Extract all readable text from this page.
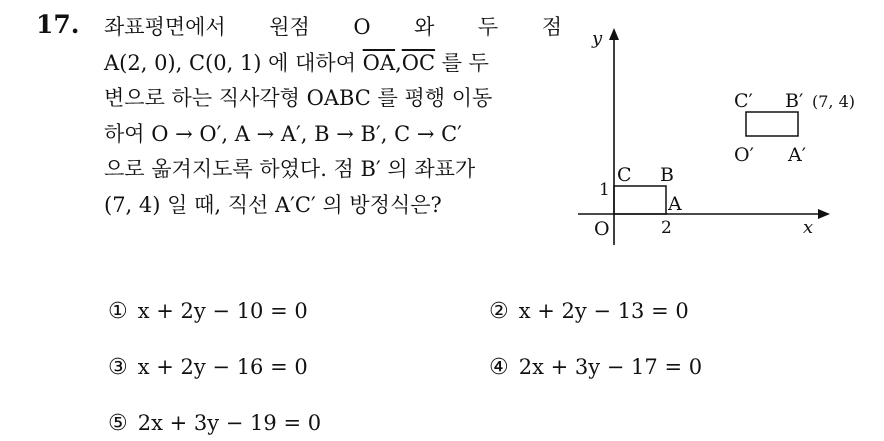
17. 좌표평면에서 원점 O 와 두 점
A(2, 0), C(0, 1) 에 대하여 $\overline{OA},\overline{OC}$ 를 두
변으로 하는 직사각형 OABC 를 평행 이동
하여 O → O′, A → A′, B → B′, C → C′
으로 옮겨지도록 하였다. 점 B′ 의 좌표가
(7, 4) 일 때, 직선 A′C′ 의 방정식은?
y
x
O
1
2
C B
A
C′ B′ (7, 4)
O′ A′
① x + 2y − 10 = 0	② x + 2y − 13 = 0
③ x + 2y − 16 = 0	④ 2x + 3y − 17 = 0
⑤ 2x + 3y − 19 = 0
